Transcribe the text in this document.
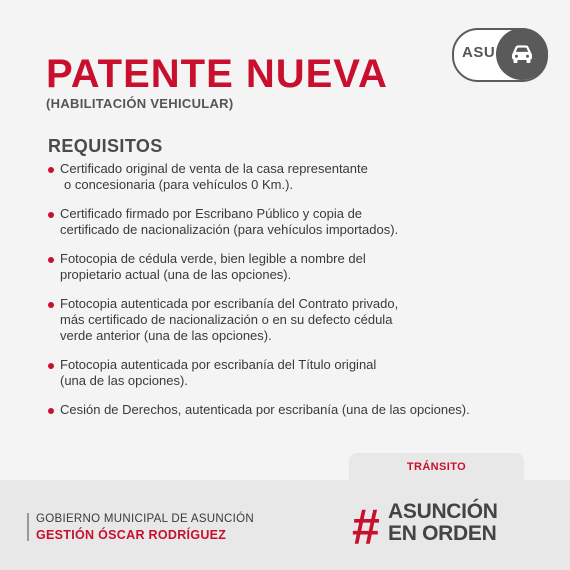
PATENTE NUEVA
(HABILITACIÓN VEHICULAR)
ASU
REQUISITOS
Certificado original de venta de la casa representante
o concesionaria (para vehículos 0 Km.).
Certificado firmado por Escribano Público y copia de
certificado de nacionalización (para vehículos importados).
Fotocopia de cédula verde, bien legible a nombre del
propietario actual (una de las opciones).
Fotocopia autenticada por escribanía del Contrato privado,
más certificado de nacionalización o en su defecto cédula
verde anterior (una de las opciones).
Fotocopia autenticada por escribanía del Título original
(una de las opciones).
Cesión de Derechos, autenticada por escribanía (una de las opciones).
TRÁNSITO
GOBIERNO MUNICIPAL DE ASUNCIÓN
GESTIÓN ÓSCAR RODRÍGUEZ	# ASUNCIÓN
EN ORDEN
